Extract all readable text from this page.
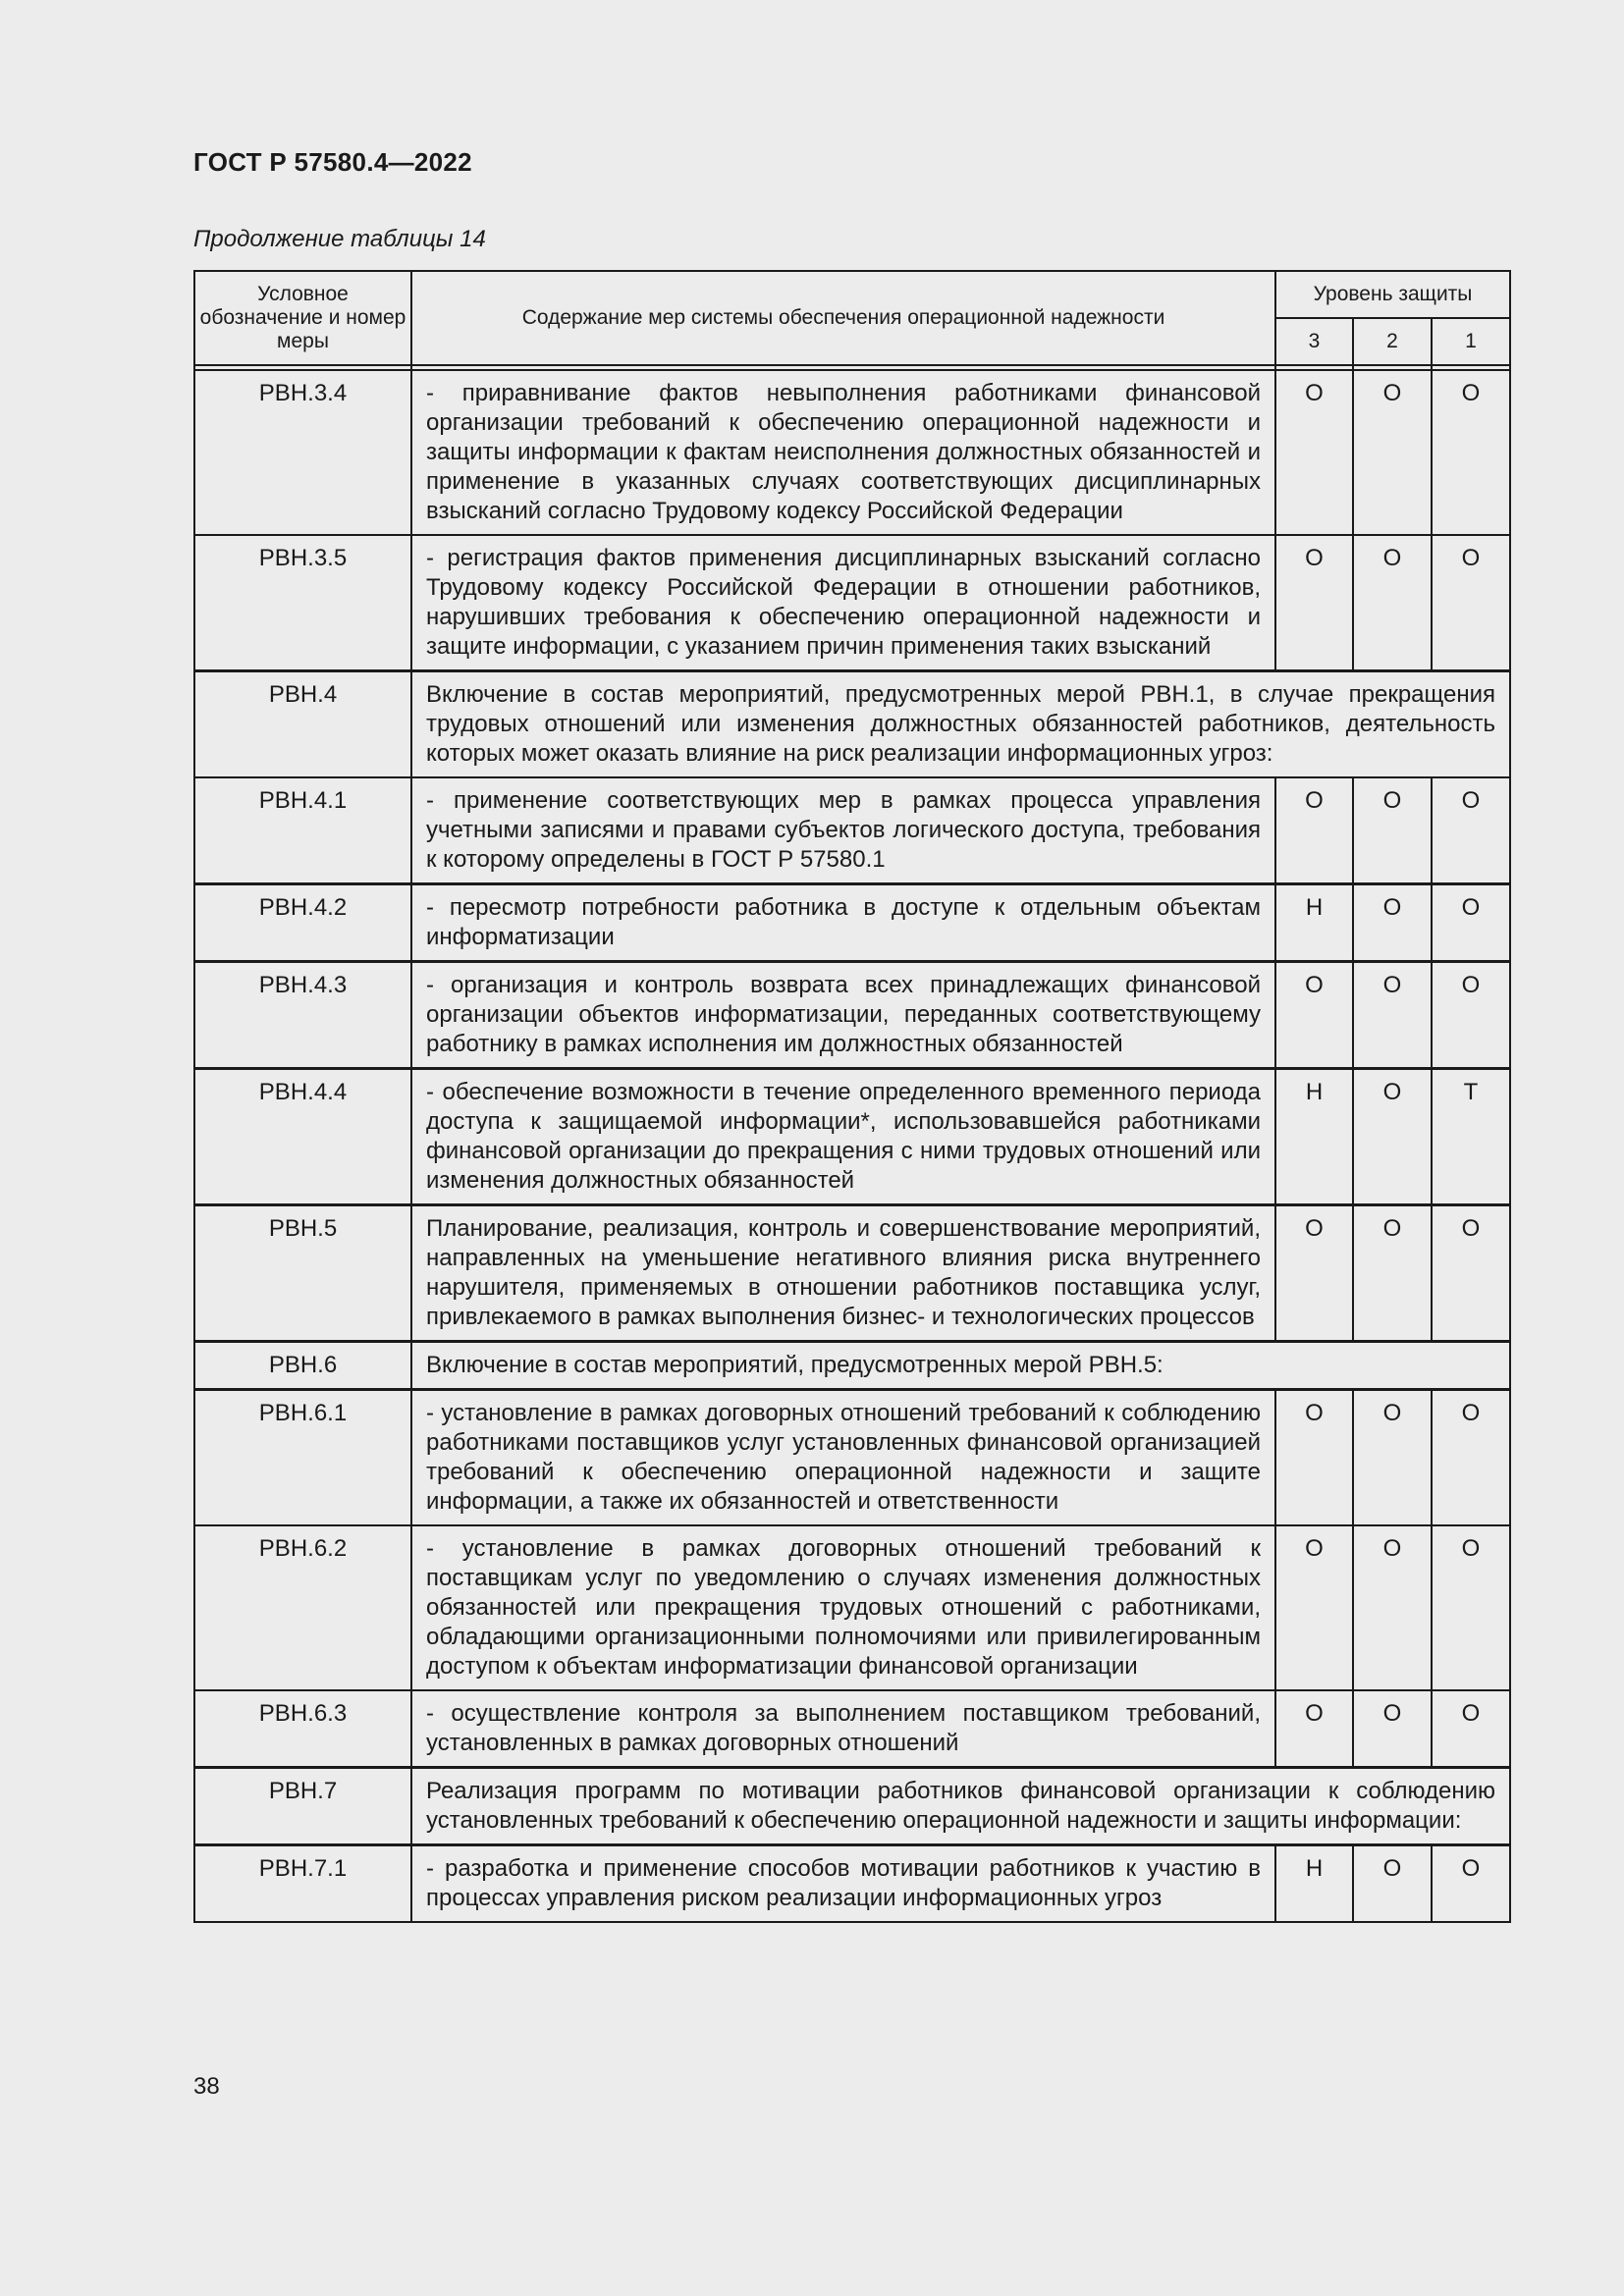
ГОСТ Р 57580.4—2022
Продолжение таблицы 14
Условное обозначение и номер меры	Содержание мер системы обеспечения операционной надежности	Уровень защиты		
		3	2	1

РВН.3.4	- приравнивание фактов невыполнения работниками финансовой организации требований к обеспечению операционной надежности и защиты информации к фактам неисполнения должностных обязанностей и применение в указанных случаях соответствующих дисциплинарных взысканий согласно Трудовому кодексу Российской Федерации	О	О	О
РВН.3.5	- регистрация фактов применения дисциплинарных взысканий согласно Трудовому кодексу Российской Федерации в отношении работников, нарушивших требования к обеспечению операционной надежности и защите информации, с указанием причин применения таких взысканий	О	О	О
РВН.4	Включение в состав мероприятий, предусмотренных мерой РВН.1, в случае прекращения трудовых отношений или изменения должностных обязанностей работников, деятельность которых может оказать влияние на риск реализации информационных угроз:			
РВН.4.1	- применение соответствующих мер в рамках процесса управления учетными записями и правами субъектов логического доступа, требования к которому определены в ГОСТ Р 57580.1	О	О	О
РВН.4.2	- пересмотр потребности работника в доступе к отдельным объектам информатизации	Н	О	О
РВН.4.3	- организация и контроль возврата всех принадлежащих финансовой организации объектов информатизации, переданных соответствующему работнику в рамках исполнения им должностных обязанностей	О	О	О
РВН.4.4	- обеспечение возможности в течение определенного временного периода доступа к защищаемой информации*, использовавшейся работниками финансовой организации до прекращения с ними трудовых отношений или изменения должностных обязанностей	Н	О	Т
РВН.5	Планирование, реализация, контроль и совершенствование мероприятий, направленных на уменьшение негативного влияния риска внутреннего нарушителя, применяемых в отношении работников поставщика услуг, привлекаемого в рамках выполнения бизнес- и технологических процессов	О	О	О
РВН.6	Включение в состав мероприятий, предусмотренных мерой РВН.5:			
РВН.6.1	- установление в рамках договорных отношений требований к соблюдению работниками поставщиков услуг установленных финансовой организацией требований к обеспечению операционной надежности и защите информации, а также их обязанностей и ответственности	О	О	О
РВН.6.2	- установление в рамках договорных отношений требований к поставщикам услуг по уведомлению о случаях изменения должностных обязанностей или прекращения трудовых отношений с работниками, обладающими организационными полномочиями или привилегированным доступом к объектам информатизации финансовой организации	О	О	О
РВН.6.3	- осуществление контроля за выполнением поставщиком требований, установленных в рамках договорных отношений	О	О	О
РВН.7	Реализация программ по мотивации работников финансовой организации к соблюдению установленных требований к обеспечению операционной надежности и защиты информации:			
РВН.7.1	- разработка и применение способов мотивации работников к участию в процессах управления риском реализации информационных угроз	Н	О	О
38
